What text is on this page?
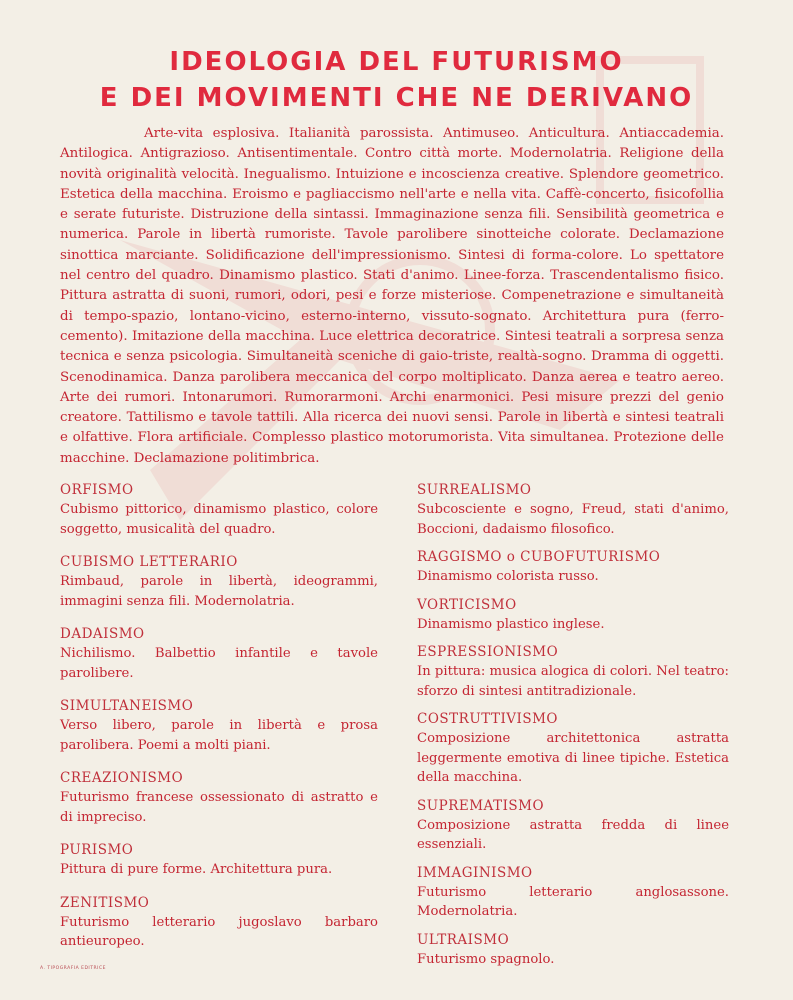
IDEOLOGIA DEL FUTURISMO
E DEI MOVIMENTI CHE NE DERIVANO

Arte-vita esplosiva. Italianità parossista. Antimuseo. Anticultura. Antiaccademia. Antilogica. Antigrazioso. Antisentimentale. Contro città morte. Modernolatria. Religione della novità originalità velocità. Inegualismo. Intuizione e incoscienza creative. Splendore geometrico. Estetica della macchina. Eroismo e pagliaccismo nell'arte e nella vita. Caffè-concerto, fisicofollia e serate futuriste. Distruzione della sintassi. Immaginazione senza fili. Sensibilità geometrica e numerica. Parole in libertà rumoriste. Tavole parolibere sinotteiche colorate. Declamazione sinottica marciante. Solidificazione dell'impressionismo. Sintesi di forma-colore. Lo spettatore nel centro del quadro. Dinamismo plastico. Stati d'animo. Linee-forza. Trascendentalismo fisico. Pittura astratta di suoni, rumori, odori, pesi e forze misteriose. Compenetrazione e simultaneità di tempo-spazio, lontano-vicino, esterno-interno, vissuto-sognato. Architettura pura (ferro-cemento). Imitazione della macchina. Luce elettrica decoratrice. Sintesi teatrali a sorpresa senza tecnica e senza psicologia. Simultaneità sceniche di gaio-triste, realtà-sogno. Dramma di oggetti. Scenodinamica. Danza parolibera meccanica del corpo moltiplicato. Danza aerea e teatro aereo. Arte dei rumori. Intonarumori. Rumorarmoni. Archi enarmonici. Pesi misure prezzi del genio creatore. Tattilismo e tavole tattili. Alla ricerca dei nuovi sensi. Parole in libertà e sintesi teatrali e olfattive. Flora artificiale. Complesso plastico motorumorista. Vita simultanea. Protezione delle macchine. Declamazione politimbrica.

ORFISMO

Cubismo pittorico, dinamismo plastico, colore soggetto, musicalità del quadro.

CUBISMO LETTERARIO

Rimbaud, parole in libertà, ideogrammi, immagini senza fili. Modernolatria.

DADAISMO

Nichilismo. Balbettio infantile e tavole parolibere.

SIMULTANEISMO

Verso libero, parole in libertà e prosa parolibera. Poemi a molti piani.

CREAZIONISMO

Futurismo francese ossessionato di astratto e di impreciso.

PURISMO

Pittura di pure forme. Architettura pura.

ZENITISMO

Futurismo letterario jugoslavo barbaro antieuropeo.

SURREALISMO

Subcosciente e sogno, Freud, stati d'animo, Boccioni, dadaismo filosofico.

RAGGISMO o CUBOFUTURISMO

Dinamismo colorista russo.

VORTICISMO

Dinamismo plastico inglese.

ESPRESSIONISMO

In pittura: musica alogica di colori. Nel teatro: sforzo di sintesi antitradizionale.

COSTRUTTIVISMO

Composizione architettonica astratta leggermente emotiva di linee tipiche. Estetica della macchina.

SUPREMATISMO

Composizione astratta fredda di linee essenziali.

IMMAGINISMO

Futurismo letterario anglosassone. Modernolatria.

ULTRAISMO

Futurismo spagnolo.

A. TIPOGRAFIA EDITRICE
